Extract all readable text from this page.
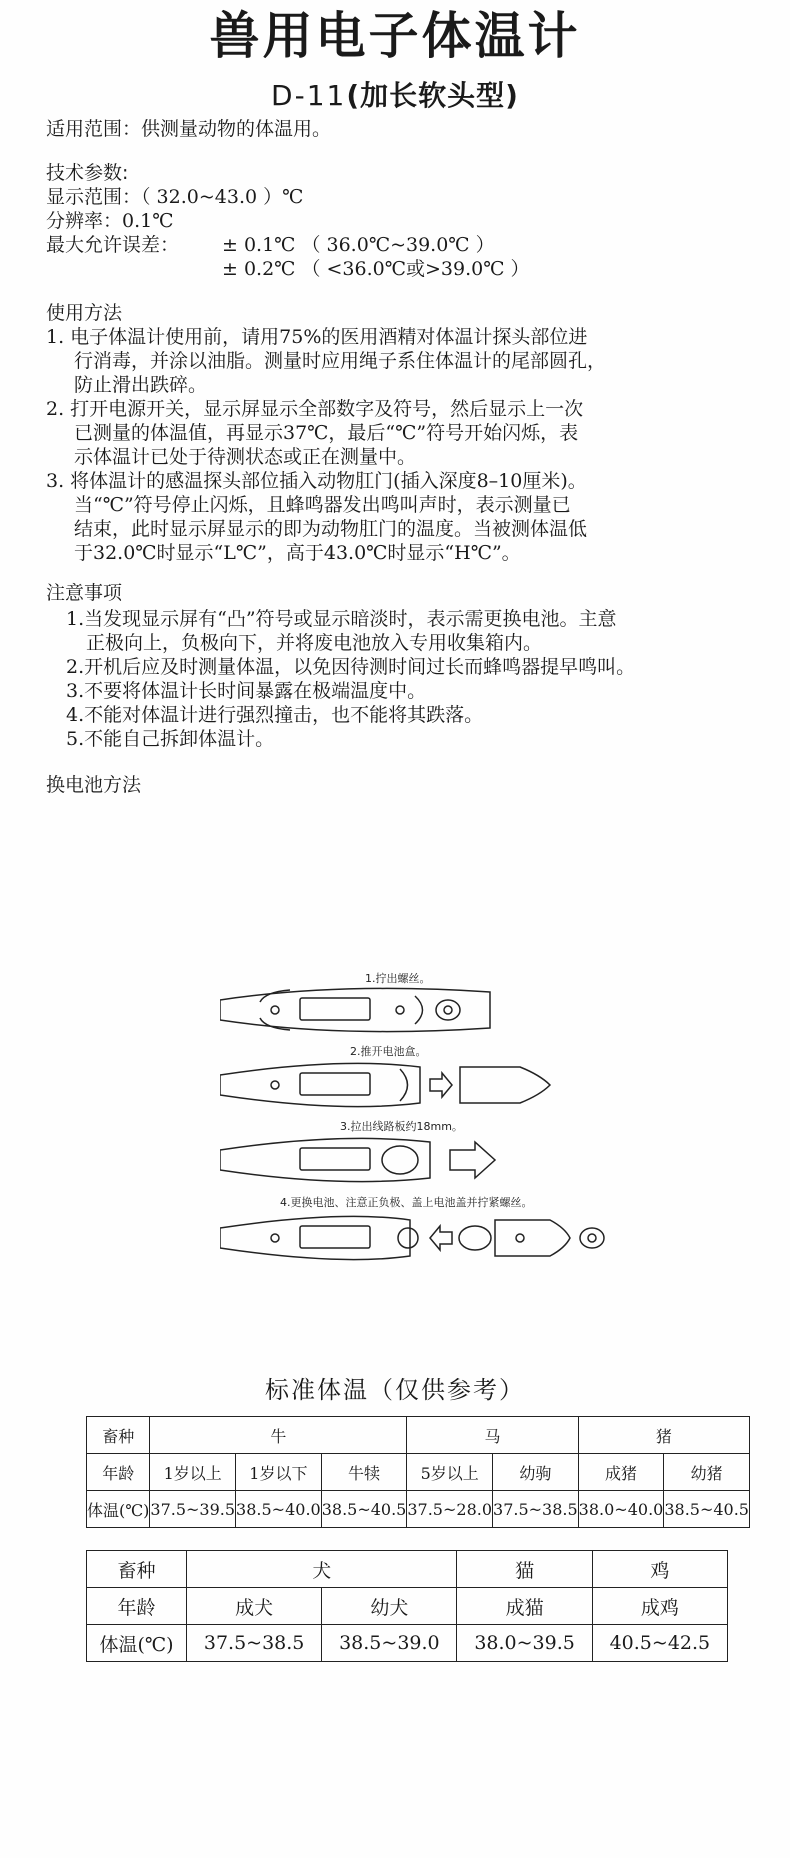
兽用电子体温计
D-11(加长软头型)
适用范围：供测量动物的体温用。
技术参数:
显示范围：（ 32.0~43.0 ）℃
分辨率：0.1℃
最大允许误差： ± 0.1℃ （ 36.0℃~39.0℃ ）
± 0.2℃ （ <36.0℃或>39.0℃ ）
使用方法
1. 电子体温计使用前，请用75%的医用酒精对体温计探头部位进
行消毒，并涂以油脂。测量时应用绳子系住体温计的尾部圆孔，
防止滑出跌碎。
2. 打开电源开关，显示屏显示全部数字及符号，然后显示上一次
已测量的体温值，再显示37℃，最后“℃”符号开始闪烁，表
示体温计已处于待测状态或正在测量中。
3. 将体温计的感温探头部位插入动物肛门(插入深度8–10厘米)。
当“℃”符号停止闪烁，且蜂鸣器发出鸣叫声时，表示测量已
结束，此时显示屏显示的即为动物肛门的温度。当被测体温低
于32.0℃时显示“L℃”，高于43.0℃时显示“H℃”。
注意事项
1.当发现显示屏有“凸”符号或显示暗淡时，表示需更换电池。主意
正极向上，负极向下，并将废电池放入专用收集箱内。
2.开机后应及时测量体温，以免因待测时间过长而蜂鸣器提早鸣叫。
3.不要将体温计长时间暴露在极端温度中。
4.不能对体温计进行强烈撞击，也不能将其跌落。
5.不能自己拆卸体温计。
换电池方法
1.拧出螺丝。
2.推开电池盒。
3.拉出线路板约18mm。
4.更换电池、注意正负极、盖上电池盖并拧紧螺丝。
标准体温（仅供参考）
畜种	牛			马		猪	
年龄	1岁以上	1岁以下	牛犊	5岁以上	幼驹	成猪	幼猪
体温(℃)	37.5~39.5	38.5~40.0	38.5~40.5	37.5~28.0	37.5~38.5	38.0~40.0	38.5~40.5
畜种	犬		猫	鸡
年龄	成犬	幼犬	成猫	成鸡
体温(℃)	37.5~38.5	38.5~39.0	38.0~39.5	40.5~42.5
